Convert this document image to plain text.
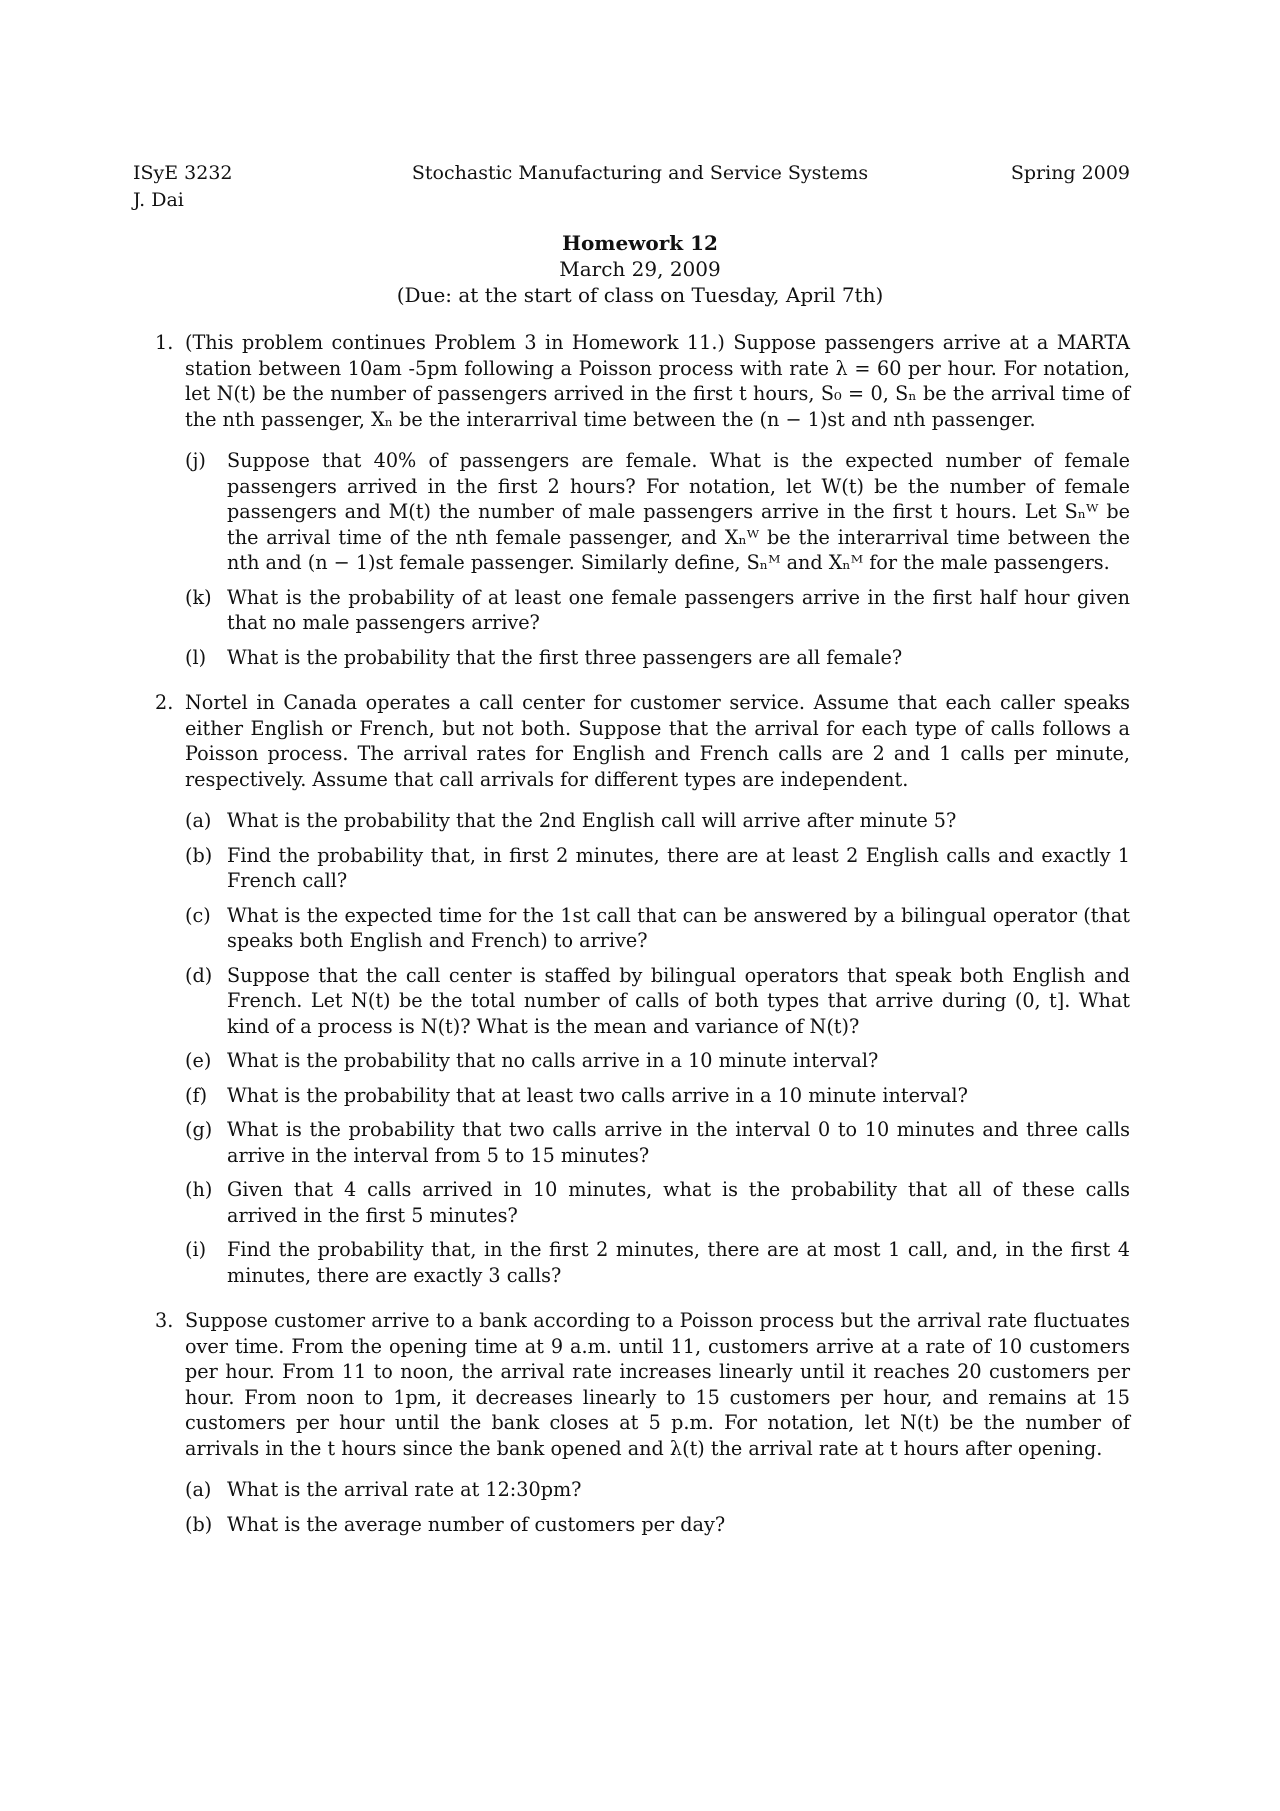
ISyE 3232
J. Dai
Stochastic Manufacturing and Service Systems	Spring 2009
Homework 12
March 29, 2009
(Due: at the start of class on Tuesday, April 7th)
1. (This problem continues Problem 3 in Homework 11.) Suppose passengers arrive at a MARTA station between 10am -5pm following a Poisson process with rate λ = 60 per hour. For notation, let N(t) be the number of passengers arrived in the first t hours, S₀ = 0, Sₙ be the arrival time of the nth passenger, Xₙ be the interarrival time between the (n − 1)st and nth passenger.

(j) Suppose that 40% of passengers are female. What is the expected number of female passengers arrived in the first 2 hours? For notation, let W(t) be the number of female passengers and M(t) the number of male passengers arrive in the first t hours. Let Sₙᵂ be the arrival time of the nth female passenger, and Xₙᵂ be the interarrival time between the nth and (n − 1)st female passenger. Similarly define, Sₙᴹ and Xₙᴹ for the male passengers.

(k) What is the probability of at least one female passengers arrive in the first half hour given that no male passengers arrive?

(l) What is the probability that the first three passengers are all female?

2. Nortel in Canada operates a call center for customer service. Assume that each caller speaks either English or French, but not both. Suppose that the arrival for each type of calls follows a Poisson process. The arrival rates for English and French calls are 2 and 1 calls per minute, respectively. Assume that call arrivals for different types are independent.

(a) What is the probability that the 2nd English call will arrive after minute 5?

(b) Find the probability that, in first 2 minutes, there are at least 2 English calls and exactly 1 French call?

(c) What is the expected time for the 1st call that can be answered by a bilingual operator (that speaks both English and French) to arrive?

(d) Suppose that the call center is staffed by bilingual operators that speak both English and French. Let N(t) be the total number of calls of both types that arrive during (0, t]. What kind of a process is N(t)? What is the mean and variance of N(t)?

(e) What is the probability that no calls arrive in a 10 minute interval?

(f) What is the probability that at least two calls arrive in a 10 minute interval?

(g) What is the probability that two calls arrive in the interval 0 to 10 minutes and three calls arrive in the interval from 5 to 15 minutes?

(h) Given that 4 calls arrived in 10 minutes, what is the probability that all of these calls arrived in the first 5 minutes?

(i) Find the probability that, in the first 2 minutes, there are at most 1 call, and, in the first 4 minutes, there are exactly 3 calls?

3. Suppose customer arrive to a bank according to a Poisson process but the arrival rate fluctuates over time. From the opening time at 9 a.m. until 11, customers arrive at a rate of 10 customers per hour. From 11 to noon, the arrival rate increases linearly until it reaches 20 customers per hour. From noon to 1pm, it decreases linearly to 15 customers per hour, and remains at 15 customers per hour until the bank closes at 5 p.m. For notation, let N(t) be the number of arrivals in the t hours since the bank opened and λ(t) the arrival rate at t hours after opening.

(a) What is the arrival rate at 12:30pm?

(b) What is the average number of customers per day?
